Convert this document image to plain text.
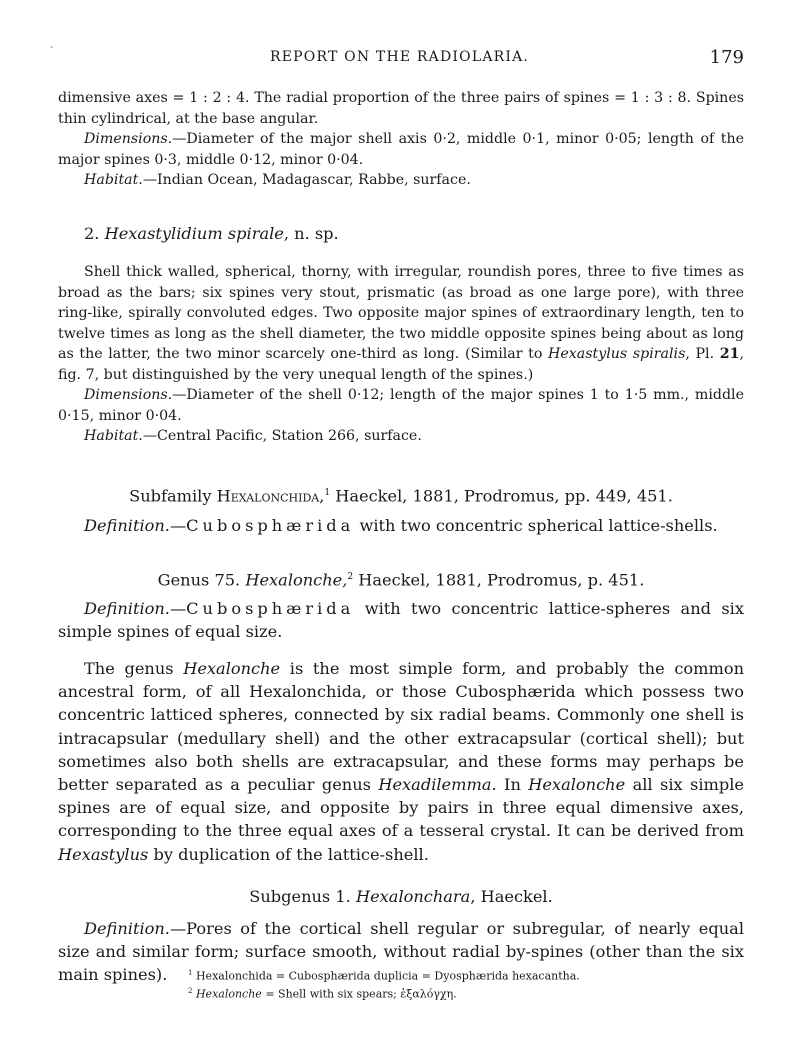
-
REPORT ON THE RADIOLARIA.	179

dimensive axes = 1 : 2 : 4. The radial proportion of the three pairs of spines = 1 : 3 : 8. Spines thin cylindrical, at the base angular.

Dimensions.—Diameter of the major shell axis 0·2, middle 0·1, minor 0·05; length of the major spines 0·3, middle 0·12, minor 0·04.

Habitat.—Indian Ocean, Madagascar, Rabbe, surface.

2. Hexastylidium spirale, n. sp.

Shell thick walled, spherical, thorny, with irregular, roundish pores, three to five times as broad as the bars; six spines very stout, prismatic (as broad as one large pore), with three ring-like, spirally convoluted edges. Two opposite major spines of extraordinary length, ten to twelve times as long as the shell diameter, the two middle opposite spines being about as long as the latter, the two minor scarcely one-third as long. (Similar to Hexastylus spiralis, Pl. 21, fig. 7, but distinguished by the very unequal length of the spines.)

Dimensions.—Diameter of the shell 0·12; length of the major spines 1 to 1·5 mm., middle 0·15, minor 0·04.

Habitat.—Central Pacific, Station 266, surface.

Subfamily Hexalonchida,$^1$ Haeckel, 1881, Prodromus, pp. 449, 451.

Definition.—Cubosphærida with two concentric spherical lattice-shells.

Genus 75. Hexalonche,$^2$ Haeckel, 1881, Prodromus, p. 451.

Definition.—Cubosphærida with two concentric lattice-spheres and six simple spines of equal size.

The genus Hexalonche is the most simple form, and probably the common ancestral form, of all Hexalonchida, or those Cubosphærida which possess two concentric latticed spheres, connected by six radial beams. Commonly one shell is intracapsular (medullary shell) and the other extracapsular (cortical shell); but sometimes also both shells are extracapsular, and these forms may perhaps be better separated as a peculiar genus Hexadilemma. In Hexalonche all six simple spines are of equal size, and opposite by pairs in three equal dimensive axes, corresponding to the three equal axes of a tesseral crystal. It can be derived from Hexastylus by duplication of the lattice-shell.

Subgenus 1. Hexalonchara, Haeckel.

Definition.—Pores of the cortical shell regular or subregular, of nearly equal size and similar form; surface smooth, without radial by-spines (other than the six main spines).	$^1$ Hexalonchida = Cubosphærida duplicia = Dyosphærida hexacantha.

$^2$ Hexalonche = Shell with six spears; ἑξαλόγχη.
